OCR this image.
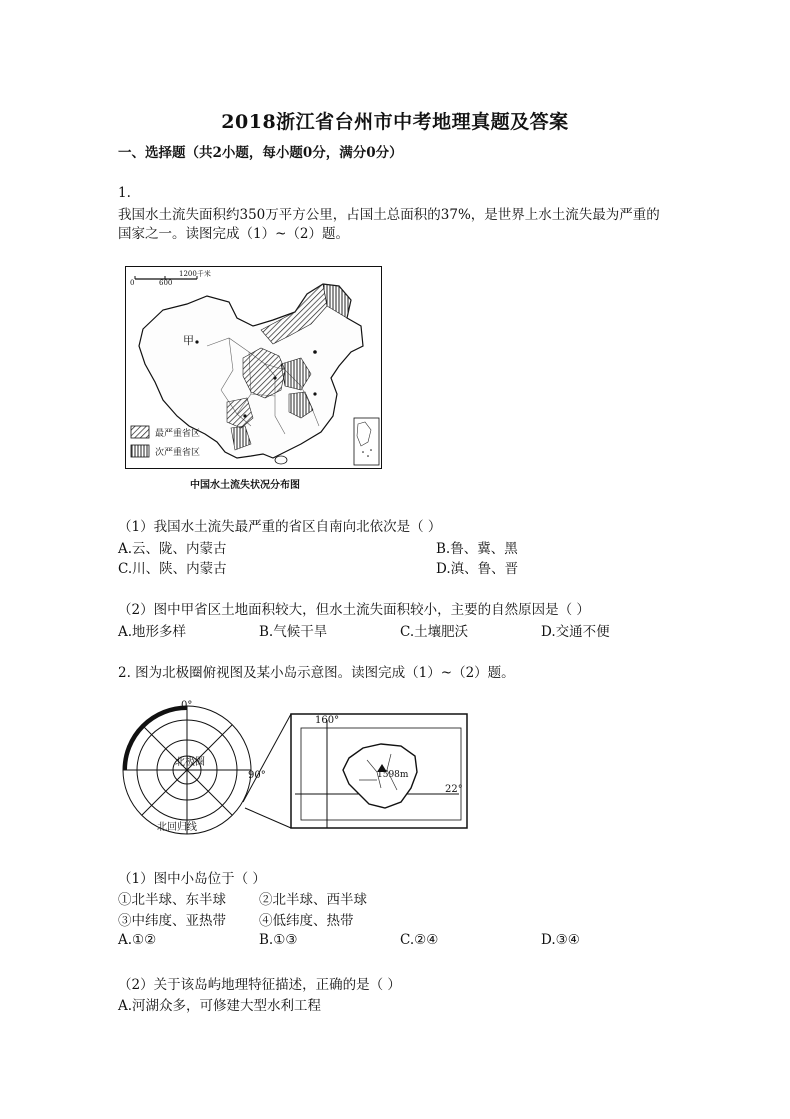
2018浙江省台州市中考地理真题及答案
一、选择题（共2小题，每小题0分，满分0分）
1.
我国水土流失面积约350万平方公里，占国土总面积的37%，是世界上水土流失最为严重的
国家之一。读图完成（1）~（2）题。
0	600
1200千米
甲
最严重省区
次严重省区
中国水土流失状况分布图
（1）我国水土流失最严重的省区自南向北依次是（ ）
A.云、陇、内蒙古	B.鲁、冀、黑
C.川、陕、内蒙古	D.滇、鲁、晋
（2）图中甲省区土地面积较大，但水土流失面积较小，主要的自然原因是（ ）
A.地形多样	B.气候干旱	C.土壤肥沃	D.交通不便
2. 图为北极圈俯视图及某小岛示意图。读图完成（1）~（2）题。
0°
90°
北极圈
北回归线
160°
22°
1598m
（1）图中小岛位于（ ）
①北半球、东半球 ②北半球、西半球
③中纬度、亚热带 ④低纬度、热带
A.①②	B.①③	C.②④	D.③④
（2）关于该岛屿地理特征描述，正确的是（ ）
A.河湖众多，可修建大型水利工程
